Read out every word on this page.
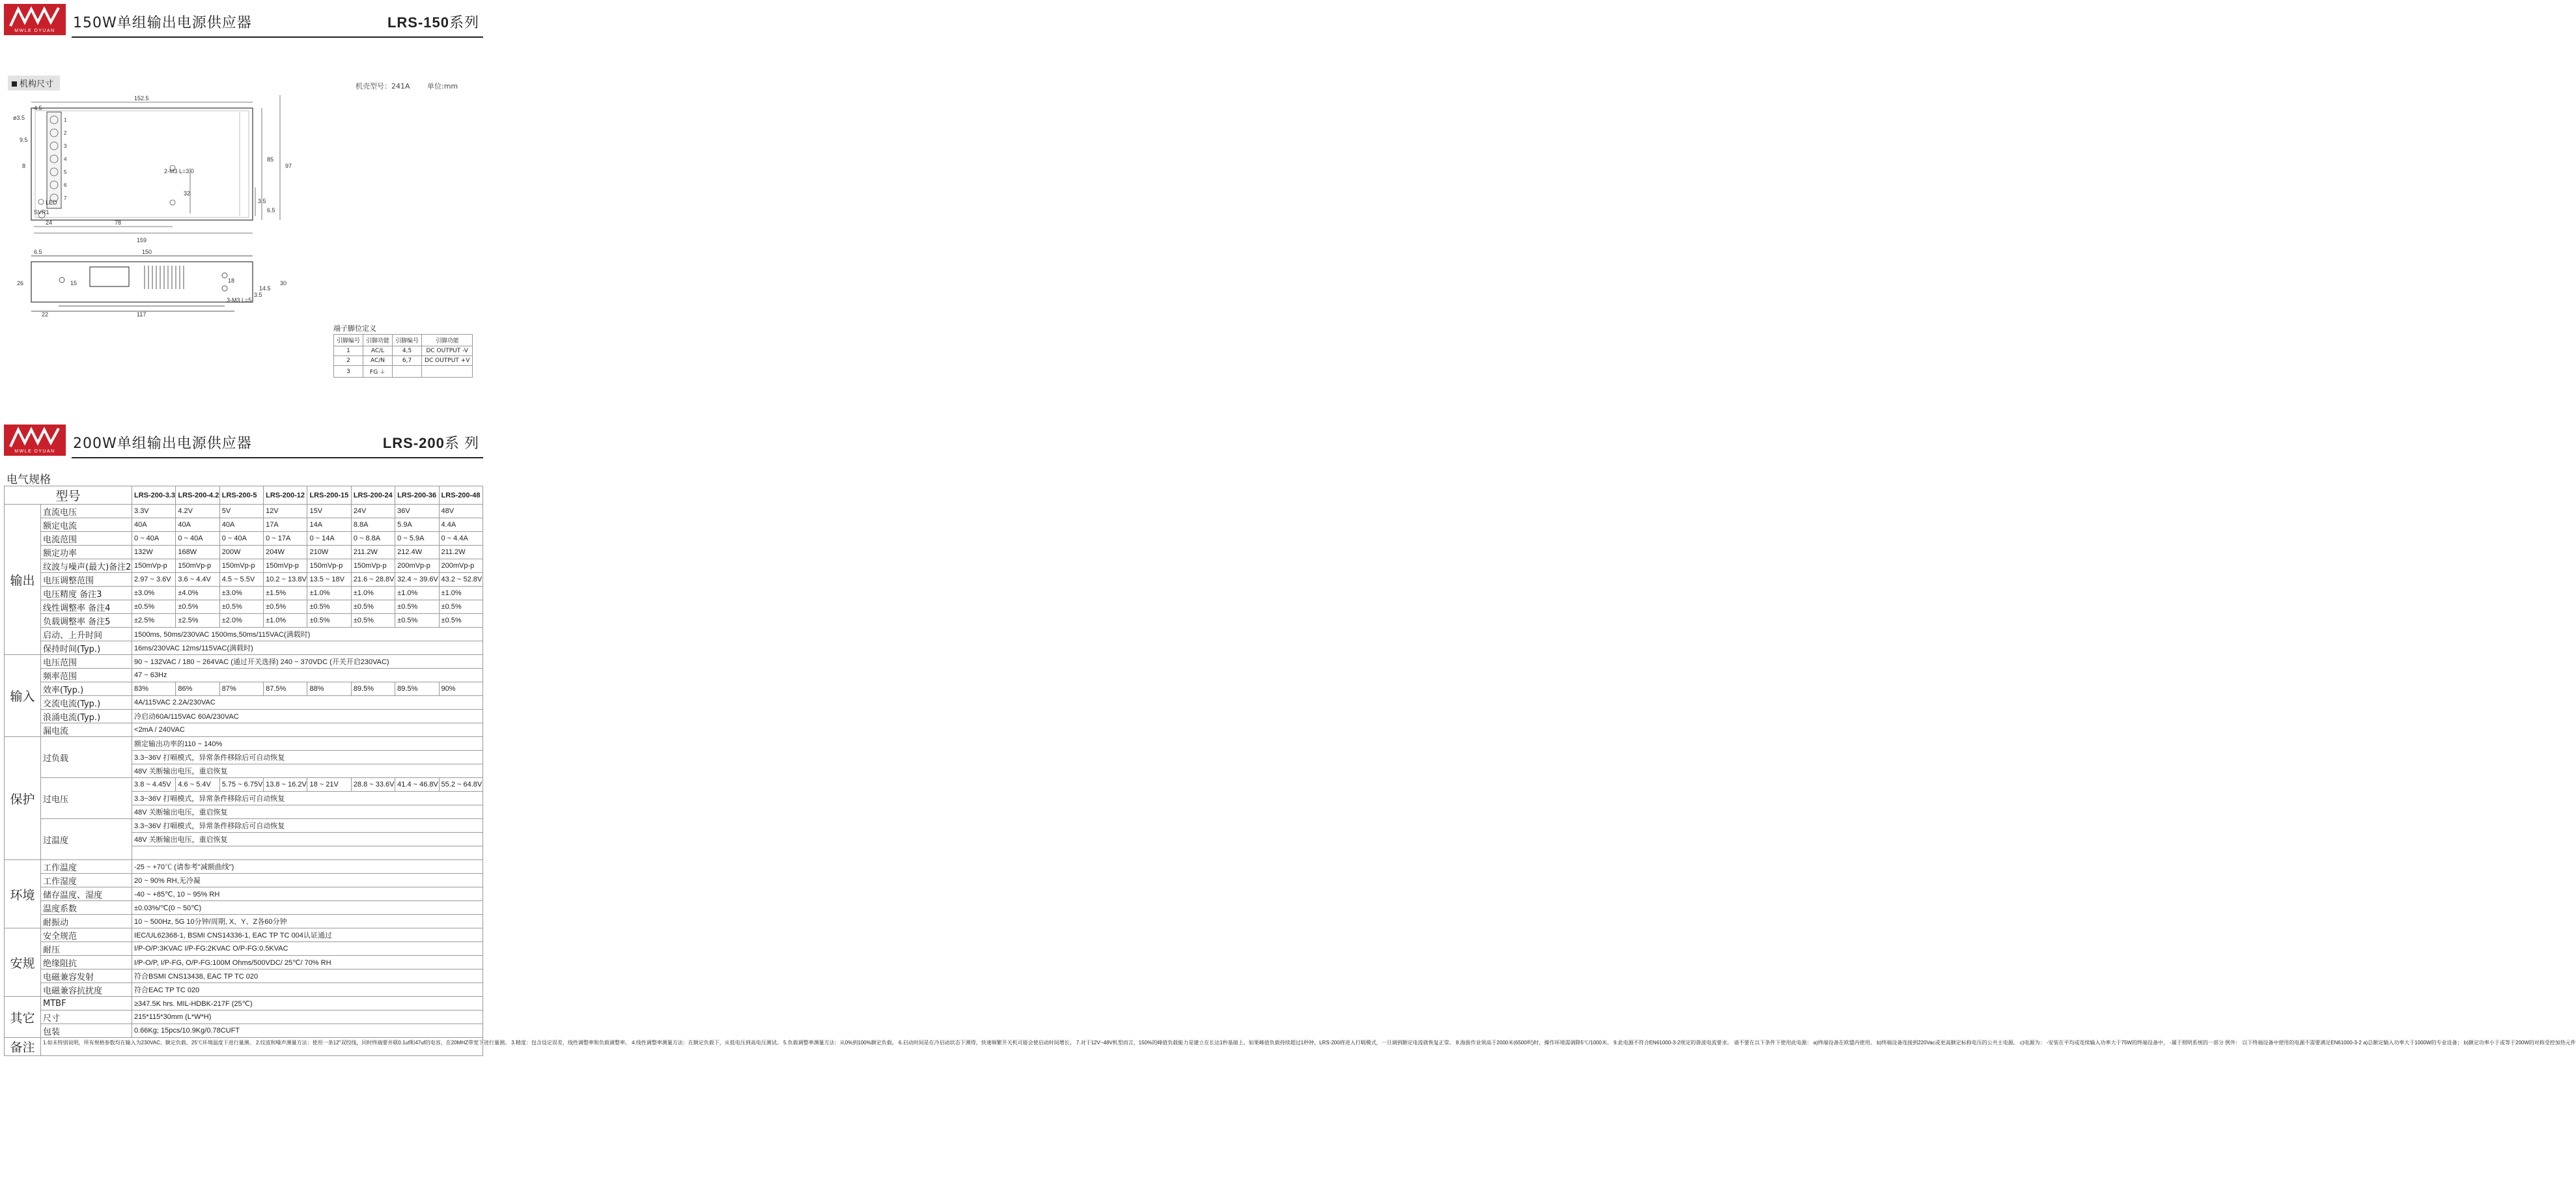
MWLE DYUAN	150W单组输出电源供应器	LRS-150系列
机构尺寸	机壳型号：241A 单位:mm
4.5
152.5
159
24	78
97
85
32
3.5
6.5
9.5
8
ø3.5
2-M3 L=3.0
LED
SVR1
1
2
3
4
5
6
7
150
6.5
26	15
22	117
30
18
14.5
3.5
3-M3 L=5
端子脚位定义
引脚编号	引脚功能	引脚编号	引脚功能
1	AC/L	4,5	DC OUTPUT -V
2	AC/N	6,7	DC OUTPUT +V
3	FG ⏚		
MWLE DYUAN	200W单组输出电源供应器	LRS-200系 列
电气规格
型号		LRS-200-3.3	LRS-200-4.2	LRS-200-5	LRS-200-12	LRS-200-15	LRS-200-24	LRS-200-36	LRS-200-48
输出	直流电压	3.3V	4.2V	5V	12V	15V	24V	36V	48V
	额定电流	40A	40A	40A	17A	14A	8.8A	5.9A	4.4A
	电流范围	0 ~ 40A	0 ~ 40A	0 ~ 40A	0 ~ 17A	0 ~ 14A	0 ~ 8.8A	0 ~ 5.9A	0 ~ 4.4A
	额定功率	132W	168W	200W	204W	210W	211.2W	212.4W	211.2W
	纹波与噪声(最大)备注2	150mVp-p	150mVp-p	150mVp-p	150mVp-p	150mVp-p	150mVp-p	200mVp-p	200mVp-p
	电压调整范围	2.97 ~ 3.6V	3.6 ~ 4.4V	4.5 ~ 5.5V	10.2 ~ 13.8V	13.5 ~ 18V	21.6 ~ 28.8V	32.4 ~ 39.6V	43.2 ~ 52.8V
	电压精度 备注3	±3.0%	±4.0%	±3.0%	±1.5%	±1.0%	±1.0%	±1.0%	±1.0%
	线性调整率 备注4	±0.5%	±0.5%	±0.5%	±0.5%	±0.5%	±0.5%	±0.5%	±0.5%
	负载调整率 备注5	±2.5%	±2.5%	±2.0%	±1.0%	±0.5%	±0.5%	±0.5%	±0.5%
	启动、上升时间	1500ms, 50ms/230VAC 1500ms,50ms/115VAC(满载时)							
	保持时间(Typ.)	16ms/230VAC 12ms/115VAC(满载时)							
输入	电压范围	90 ~ 132VAC / 180 ~ 264VAC (通过开关选择) 240 ~ 370VDC (开关开启230VAC)							
	频率范围	47 ~ 63Hz							
	效率(Typ.)	83%	86%	87%	87.5%	88%	89.5%	89.5%	90%
	交流电流(Typ.)	4A/115VAC 2.2A/230VAC							
	浪涌电流(Typ.)	冷启动60A/115VAC 60A/230VAC							
	漏电流	<2mA / 240VAC							
保护	过负载	额定输出功率的110 ~ 140%							
		3.3~36V 打嗝模式，异常条件移除后可自动恢复							
		48V 关断输出电压，重启恢复							
	过电压	3.8 ~ 4.45V	4.6 ~ 5.4V	5.75 ~ 6.75V	13.8 ~ 16.2V	18 ~ 21V	28.8 ~ 33.6V	41.4 ~ 46.8V	55.2 ~ 64.8V
		3.3~36V 打嗝模式，异常条件移除后可自动恢复							
		48V 关断输出电压，重启恢复							
	过温度	3.3~36V 打嗝模式，异常条件移除后可自动恢复							
		48V 关断输出电压，重启恢复							

环境	工作温度	-25 ~ +70℃ (请参考"减额曲线")							
	工作湿度	20 ~ 90% RH,无冷凝							
	储存温度、湿度	-40 ~ +85℃, 10 ~ 95% RH							
	温度系数	±0.03%/℃(0 ~ 50℃)							
	耐振动	10 ~ 500Hz, 5G 10分钟/周期, X、Y、Z各60分钟							
安规	安全规范	IEC/UL62368-1, BSMI CNS14336-1, EAC TP TC 004认证通过							
	耐压	I/P-O/P:3KVAC I/P-FG:2KVAC O/P-FG:0.5KVAC							
	绝缘阻抗	I/P-O/P, I/P-FG, O/P-FG:100M Ohms/500VDC/ 25℃/ 70% RH							
	电磁兼容发射	符合BSMI CNS13438, EAC TP TC 020							
	电磁兼容抗扰度	符合EAC TP TC 020							
其它	MTBF	≥347.5K hrs. MIL-HDBK-217F (25℃)							
	尺寸	215*115*30mm (L*W*H)							
	包装	0.66Kg; 15pcs/10.9Kg/0.78CUFT							
备注	1.如未特别说明，所有规格参数均在输入为230VAC、额定负载、25℃环境温度下进行量测。 2.纹波和噪声测量方法：使用一条12"双绞线，同时终端要并联0.1uf和47uf的电容，在20MHZ带宽下进行量测。 3.精度：包含设定误差，线性调整率和负载调整率。 4.线性调整率测量方法：在额定负载下，从低电压到高电压测试。 5.负载调整率测量方法：从0%到100%额定负载。 6.启动时间是在冷启动状态下测得，快速频繁开关机可能会使启动时间增长。 7.对于12V~48V机型而言，150%的峰值负载能力是建立在长达1秒基础上。如果峰值负载持续超过1秒钟，LRS-200将进入打嗝模式，一旦调到额定电流就恢复正常。 8.海拔作业须高于2000米(6500呎)时，操作环境需调降5℃/1000米。 9.此电源不符合EN61000-3-2规定的谐波电流要求。 请不要在以下条件下使用此电源： a)终端设备在欧盟内使用。 b)终端设备连接到220Vac或更高额定标称电压的公共主电源。 c)电源为： -安装在平均或连续输入功率大于75W的终端设备中， -属于照明系统的一部分 例外： 以下终端设备中使用的电源不需要满足EN61000-3-2 a)总额定输入功率大于1000W的专业设备； b)额定功率小于或等于200W的对称受控加热元件								
